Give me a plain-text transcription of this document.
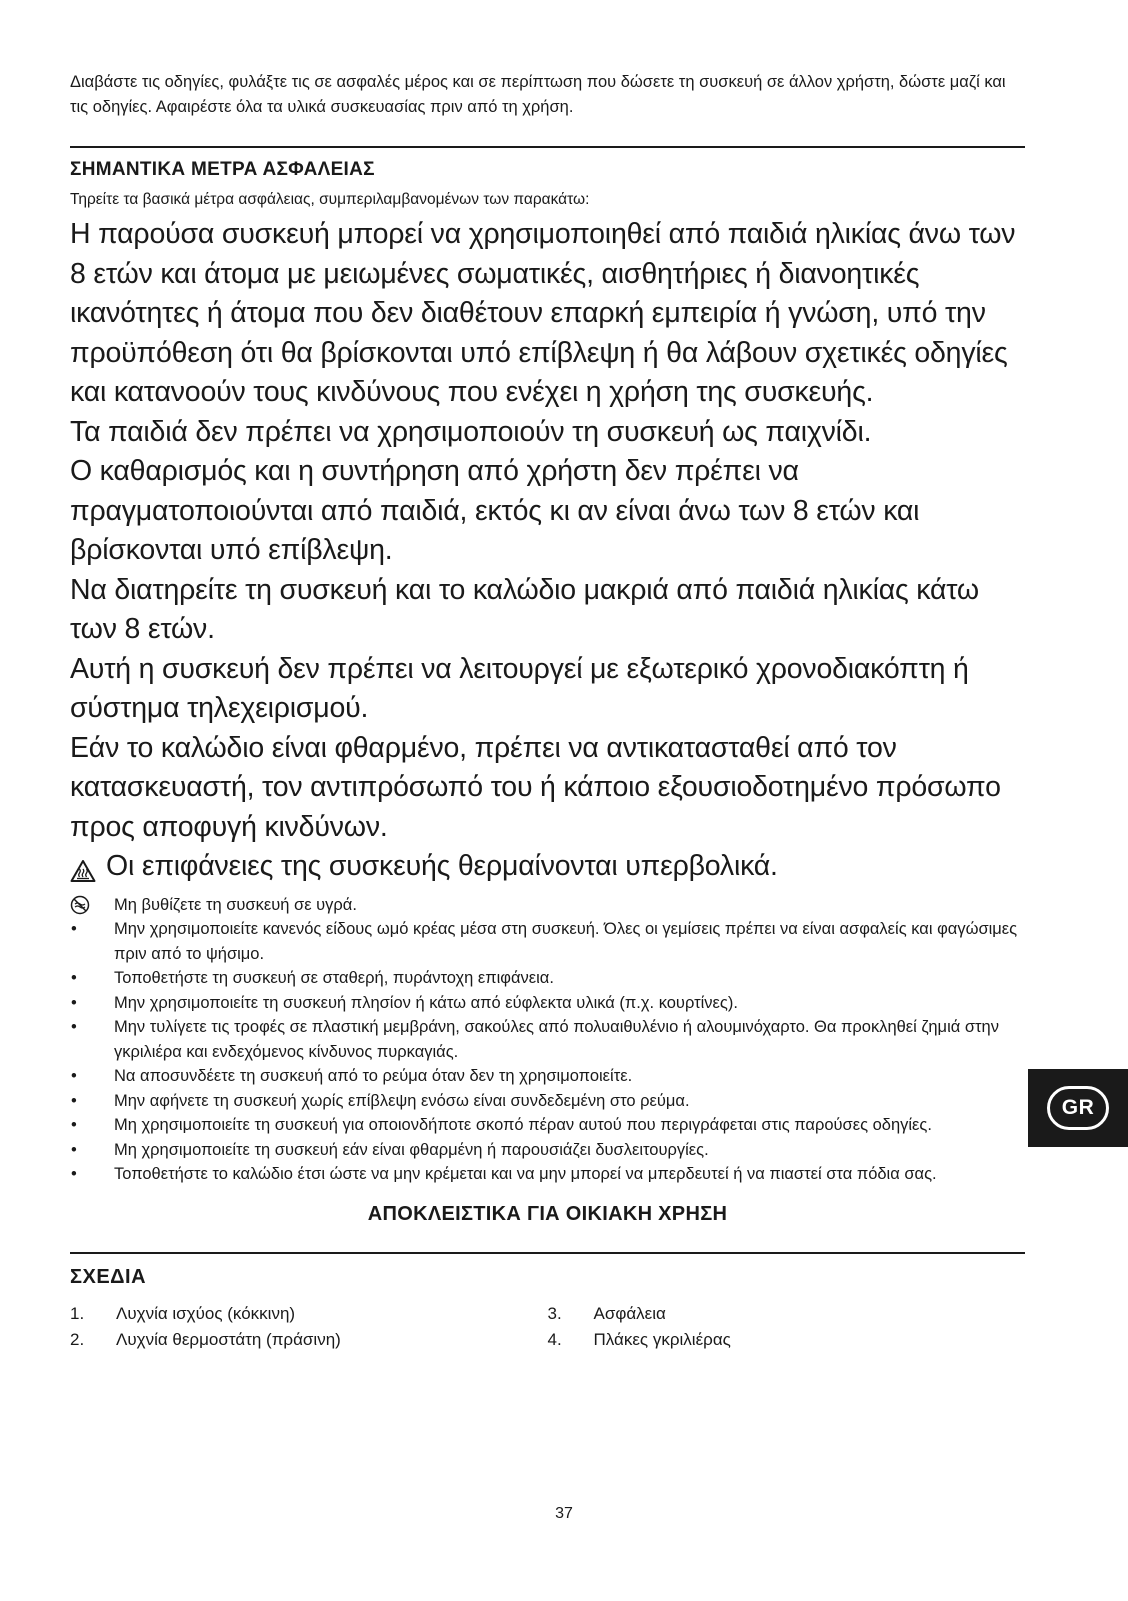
Διαβάστε τις οδηγίες, φυλάξτε τις σε ασφαλές μέρος και σε περίπτωση που δώσετε τη συσκευή σε άλλον χρήστη, δώστε μαζί και τις οδηγίες. Αφαιρέστε όλα τα υλικά συσκευασίας πριν από τη χρήση.

ΣΗΜΑΝΤΙΚΑ ΜΕΤΡΑ ΑΣΦΑΛΕΙΑΣ

Τηρείτε τα βασικά μέτρα ασφάλειας, συμπεριλαμβανομένων των παρακάτω:

Η παρούσα συσκευή μπορεί να χρησιμοποιηθεί από παιδιά ηλικίας άνω των 8 ετών και άτομα με μειωμένες σωματικές, αισθητήριες ή διανοητικές ικανότητες ή άτομα που δεν διαθέτουν επαρκή εμπειρία ή γνώση, υπό την προϋπόθεση ότι θα βρίσκονται υπό επίβλεψη ή θα λάβουν σχετικές οδηγίες και κατανοούν τους κινδύνους που ενέχει η χρήση της συσκευής.

Τα παιδιά δεν πρέπει να χρησιμοποιούν τη συσκευή ως παιχνίδι.

Ο καθαρισμός και η συντήρηση από χρήστη δεν πρέπει να πραγματοποιούνται από παιδιά, εκτός κι αν είναι άνω των 8 ετών και βρίσκονται υπό επίβλεψη.

Να διατηρείτε τη συσκευή και το καλώδιο μακριά από παιδιά ηλικίας κάτω των 8 ετών.

Αυτή η συσκευή δεν πρέπει να λειτουργεί με εξωτερικό χρονοδιακόπτη ή σύστημα τηλεχειρισμού.

Εάν το καλώδιο είναι φθαρμένο, πρέπει να αντικατασταθεί από τον κατασκευαστή, τον αντιπρόσωπό του ή κάποιο εξουσιοδοτημένο πρόσωπο προς αποφυγή κινδύνων.

Οι επιφάνειες της συσκευής θερμαίνονται υπερβολικά.
Μη βυθίζετε τη συσκευή σε υγρά.
• Μην χρησιμοποιείτε κανενός είδους ωμό κρέας μέσα στη συσκευή. Όλες οι γεμίσεις πρέπει να είναι ασφαλείς και φαγώσιμες πριν από το ψήσιμο.
• Τοποθετήστε τη συσκευή σε σταθερή, πυράντοχη επιφάνεια.
• Μην χρησιμοποιείτε τη συσκευή πλησίον ή κάτω από εύφλεκτα υλικά (π.χ. κουρτίνες).
• Μην τυλίγετε τις τροφές σε πλαστική μεμβράνη, σακούλες από πολυαιθυλένιο ή αλουμινόχαρτο. Θα προκληθεί ζημιά στην γκριλιέρα και ενδεχόμενος κίνδυνος πυρκαγιάς.
• Να αποσυνδέετε τη συσκευή από το ρεύμα όταν δεν τη χρησιμοποιείτε.
• Μην αφήνετε τη συσκευή χωρίς επίβλεψη ενόσω είναι συνδεδεμένη στο ρεύμα.
• Μη χρησιμοποιείτε τη συσκευή για οποιονδήποτε σκοπό πέραν αυτού που περιγράφεται στις παρούσες οδηγίες.
• Μη χρησιμοποιείτε τη συσκευή εάν είναι φθαρμένη ή παρουσιάζει δυσλειτουργίες.
• Τοποθετήστε το καλώδιο έτσι ώστε να μην κρέμεται και να μην μπορεί να μπερδευτεί ή να πιαστεί στα πόδια σας.

ΑΠΟΚΛΕΙΣΤΙΚΑ ΓΙΑ ΟΙΚΙΑΚΗ ΧΡΗΣΗ

ΣΧΕΔΙΑ
1.	Λυχνία ισχύος (κόκκινη)
2.	Λυχνία θερμοστάτη (πράσινη)
3.	Ασφάλεια
4.	Πλάκες γκριλιέρας
GR
37
